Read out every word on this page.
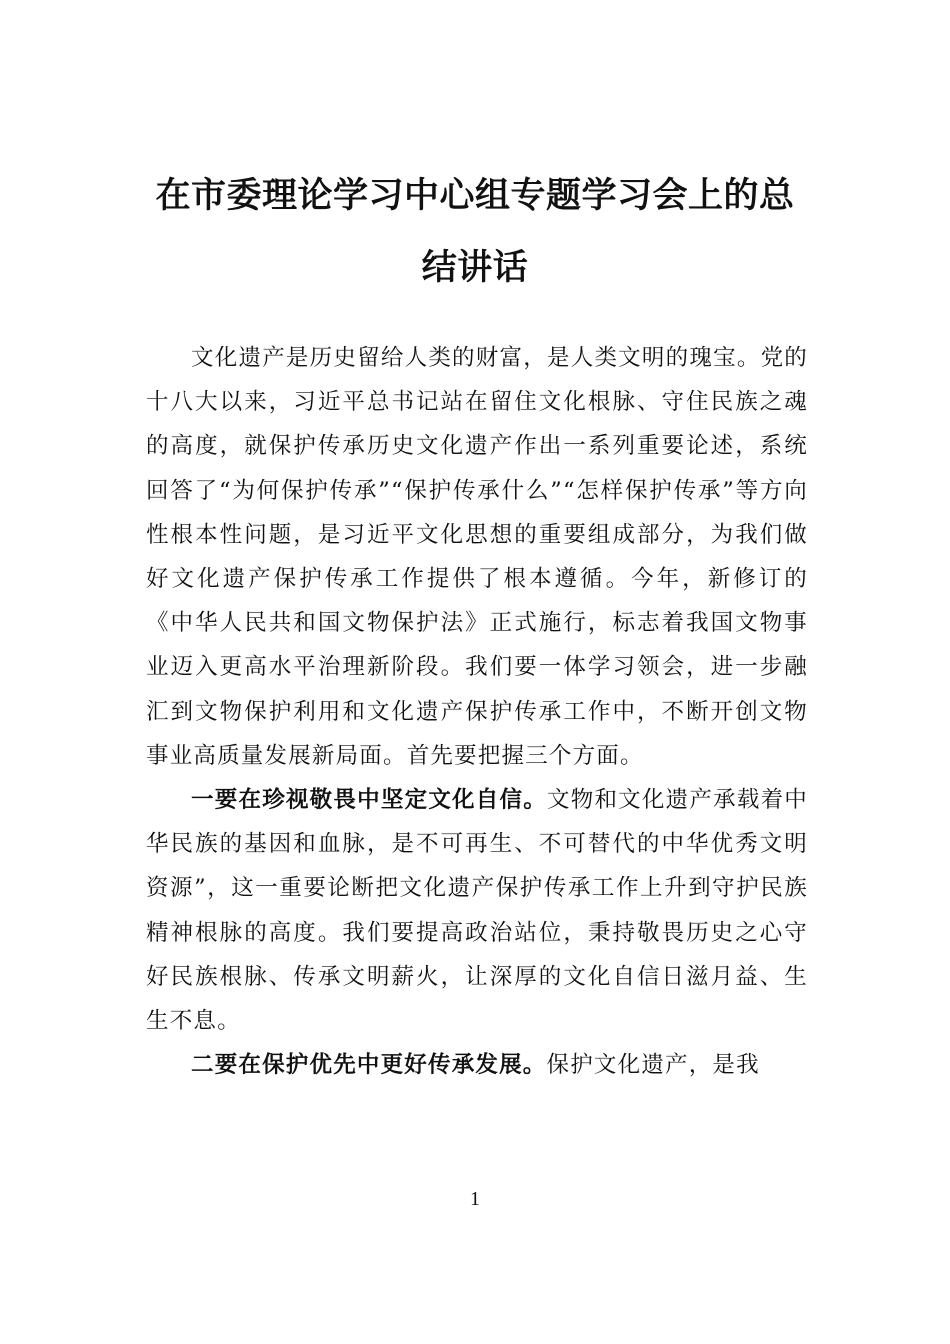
在市委理论学习中心组专题学习会上的总结讲话

文化遗产是历史留给人类的财富，是人类文明的瑰宝。党的十八大以来，习近平总书记站在留住文化根脉、守住民族之魂的高度，就保护传承历史文化遗产作出一系列重要论述，系统回答了“为何保护传承”“保护传承什么”“怎样保护传承”等方向性根本性问题，是习近平文化思想的重要组成部分，为我们做好文化遗产保护传承工作提供了根本遵循。今年，新修订的《中华人民共和国文物保护法》正式施行，标志着我国文物事业迈入更高水平治理新阶段。我们要一体学习领会，进一步融汇到文物保护利用和文化遗产保护传承工作中，不断开创文物事业高质量发展新局面。首先要把握三个方面。

一要在珍视敬畏中坚定文化自信。文物和文化遗产承载着中华民族的基因和血脉，是不可再生、不可替代的中华优秀文明资源”，这一重要论断把文化遗产保护传承工作上升到守护民族精神根脉的高度。我们要提高政治站位，秉持敬畏历史之心守好民族根脉、传承文明薪火，让深厚的文化自信日滋月益、生生不息。

二要在保护优先中更好传承发展。保护文化遗产，是我

1
